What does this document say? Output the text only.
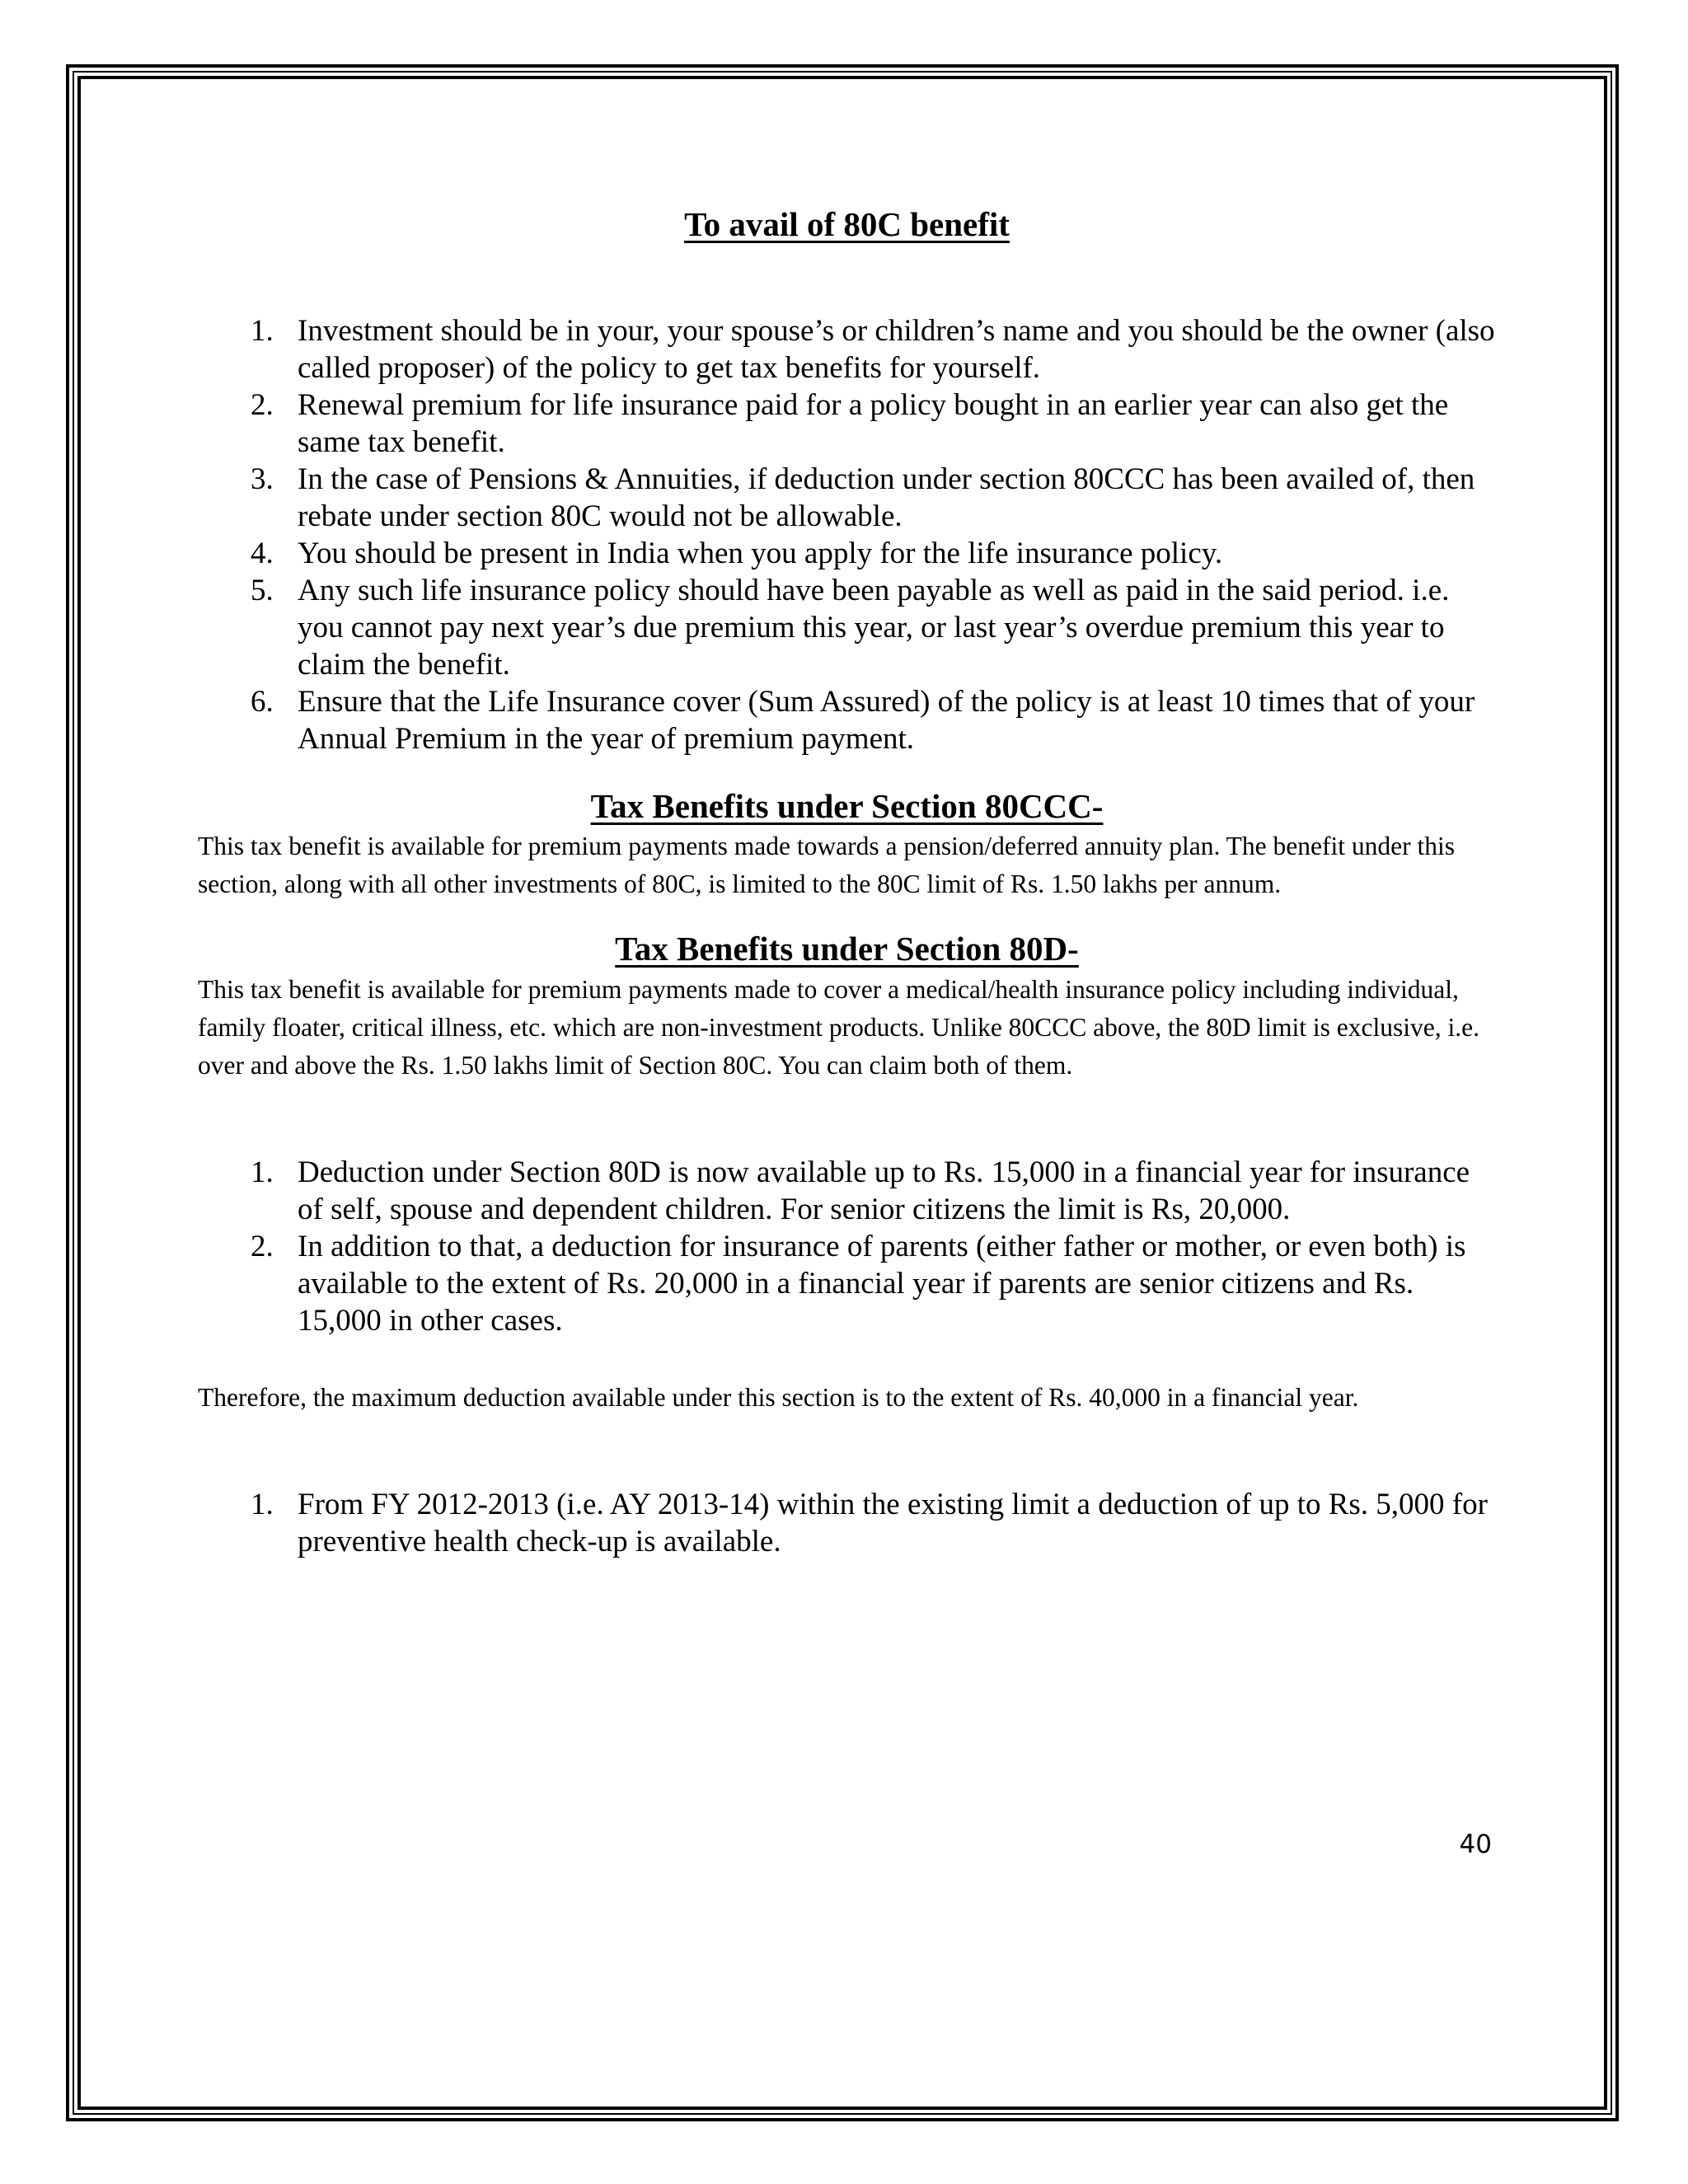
To avail of 80C benefit
1. Investment should be in your, your spouse’s or children’s name and you should be the owner (also called proposer) of the policy to get tax benefits for yourself.
2. Renewal premium for life insurance paid for a policy bought in an earlier year can also get the same tax benefit.
3. In the case of Pensions & Annuities, if deduction under section 80CCC has been availed of, then rebate under section 80C would not be allowable.
4. You should be present in India when you apply for the life insurance policy.
5. Any such life insurance policy should have been payable as well as paid in the said period. i.e. you cannot pay next year’s due premium this year, or last year’s overdue premium this year to claim the benefit.
6. Ensure that the Life Insurance cover (Sum Assured) of the policy is at least 10 times that of your Annual Premium in the year of premium payment.
Tax Benefits under Section 80CCC-

This tax benefit is available for premium payments made towards a pension/deferred annuity plan. The benefit under this section, along with all other investments of 80C, is limited to the 80C limit of Rs. 1.50 lakhs per annum.

Tax Benefits under Section 80D-

This tax benefit is available for premium payments made to cover a medical/health insurance policy including individual, family floater, critical illness, etc. which are non-investment products. Unlike 80CCC above, the 80D limit is exclusive, i.e. over and above the Rs. 1.50 lakhs limit of Section 80C. You can claim both of them.

1. Deduction under Section 80D is now available up to Rs. 15,000 in a financial year for insurance of self, spouse and dependent children. For senior citizens the limit is Rs, 20,000.
2. In addition to that, a deduction for insurance of parents (either father or mother, or even both) is available to the extent of Rs. 20,000 in a financial year if parents are senior citizens and Rs. 15,000 in other cases.

Therefore, the maximum deduction available under this section is to the extent of Rs. 40,000 in a financial year.

1. From FY 2012-2013 (i.e. AY 2013-14) within the existing limit a deduction of up to Rs. 5,000 for preventive health check-up is available.
40
